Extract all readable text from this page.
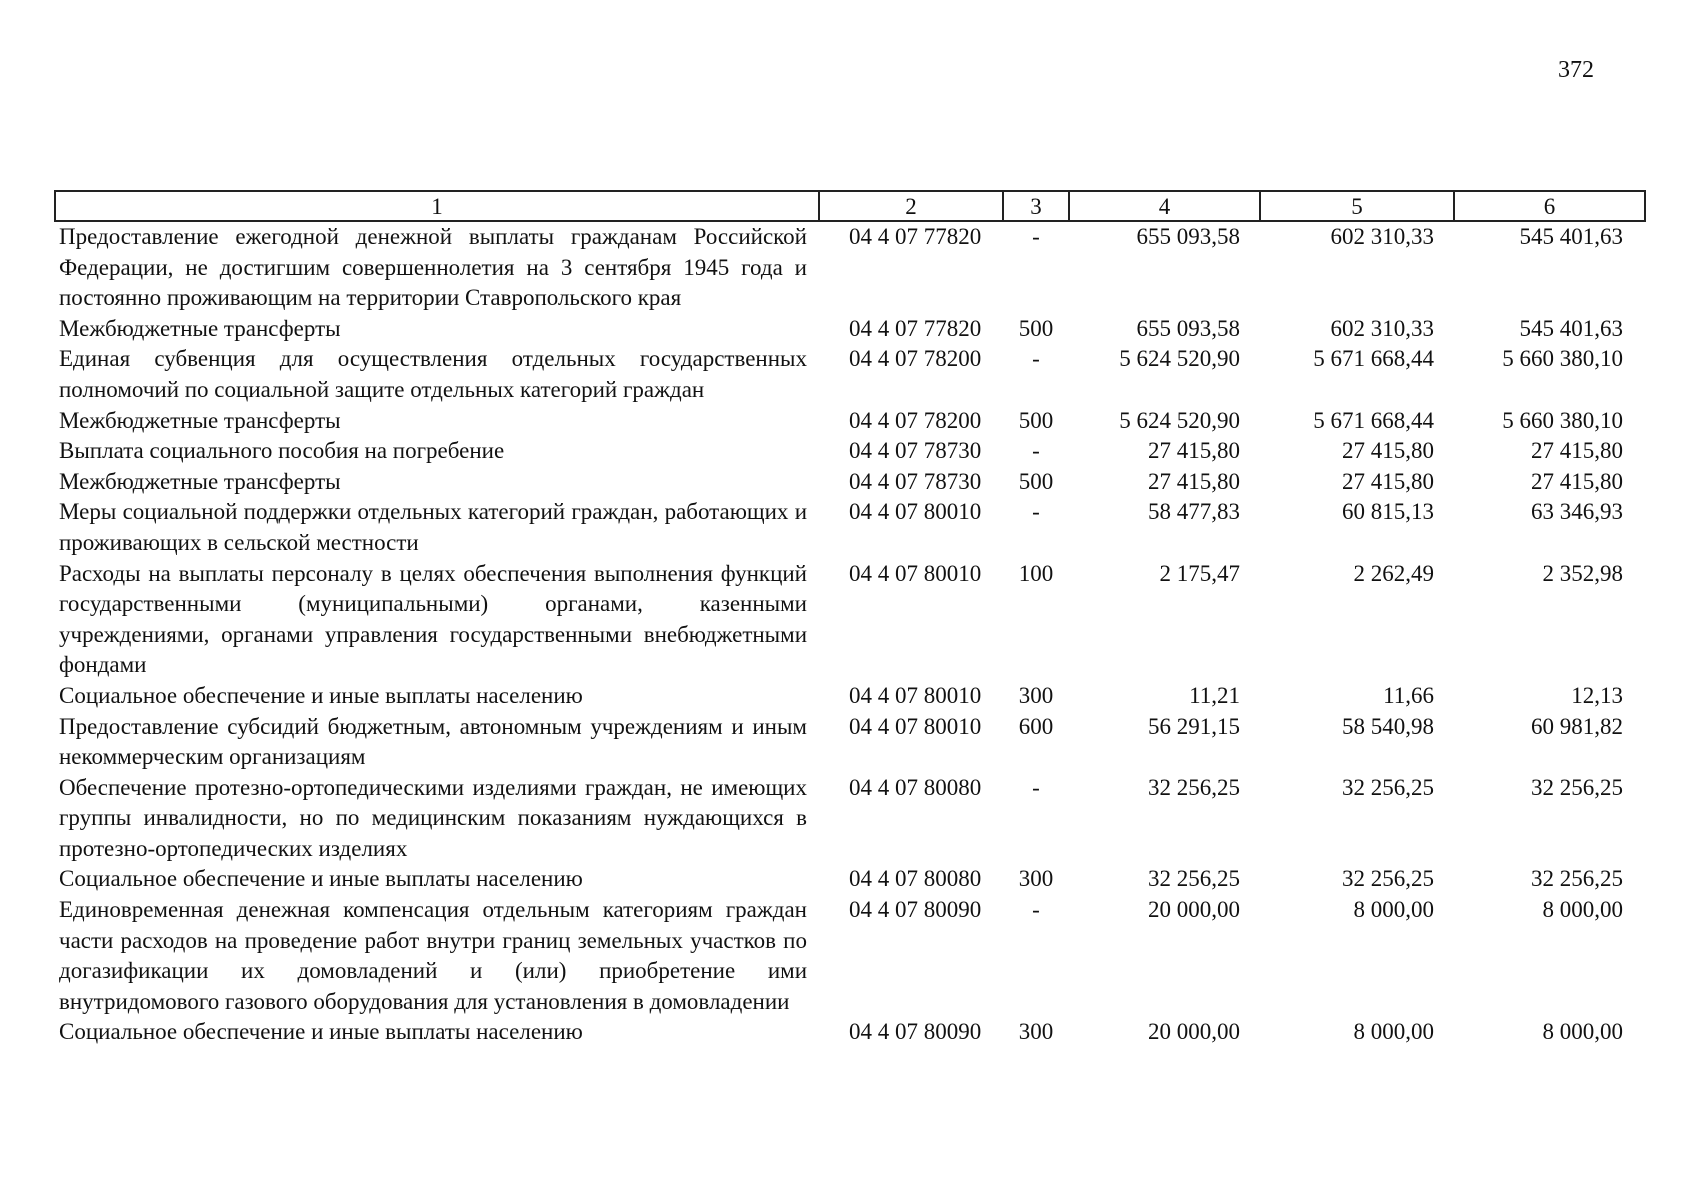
372
1	2	3	4	5	6
Предоставление ежегодной денежной выплаты гражданам Российской Федерации, не достигшим совершеннолетия на 3 сентября 1945 года и постоянно проживающим на территории Ставропольского края	04 4 07 77820	-	655 093,58	602 310,33	545 401,63
Межбюджетные трансферты	04 4 07 77820	500	655 093,58	602 310,33	545 401,63
Единая субвенция для осуществления отдельных государственных полномочий по социальной защите отдельных категорий граждан	04 4 07 78200	-	5 624 520,90	5 671 668,44	5 660 380,10
Межбюджетные трансферты	04 4 07 78200	500	5 624 520,90	5 671 668,44	5 660 380,10
Выплата социального пособия на погребение	04 4 07 78730	-	27 415,80	27 415,80	27 415,80
Межбюджетные трансферты	04 4 07 78730	500	27 415,80	27 415,80	27 415,80
Меры социальной поддержки отдельных категорий граждан, работающих и проживающих в сельской местности	04 4 07 80010	-	58 477,83	60 815,13	63 346,93
Расходы на выплаты персоналу в целях обеспечения выполнения функций государственными (муниципальными) органами, казенными учреждениями, органами управления государственными внебюджетными фондами	04 4 07 80010	100	2 175,47	2 262,49	2 352,98
Социальное обеспечение и иные выплаты населению	04 4 07 80010	300	11,21	11,66	12,13
Предоставление субсидий бюджетным, автономным учреждениям и иным некоммерческим организациям	04 4 07 80010	600	56 291,15	58 540,98	60 981,82
Обеспечение протезно-ортопедическими изделиями граждан, не имеющих группы инвалидности, но по медицинским показаниям нуждающихся в протезно-ортопедических изделиях	04 4 07 80080	-	32 256,25	32 256,25	32 256,25
Социальное обеспечение и иные выплаты населению	04 4 07 80080	300	32 256,25	32 256,25	32 256,25
Единовременная денежная компенсация отдельным категориям граждан части расходов на проведение работ внутри границ земельных участков по догазификации их домовладений и (или) приобретение ими внутридомового газового оборудования для установления в домовладении	04 4 07 80090	-	20 000,00	8 000,00	8 000,00
Социальное обеспечение и иные выплаты населению	04 4 07 80090	300	20 000,00	8 000,00	8 000,00
